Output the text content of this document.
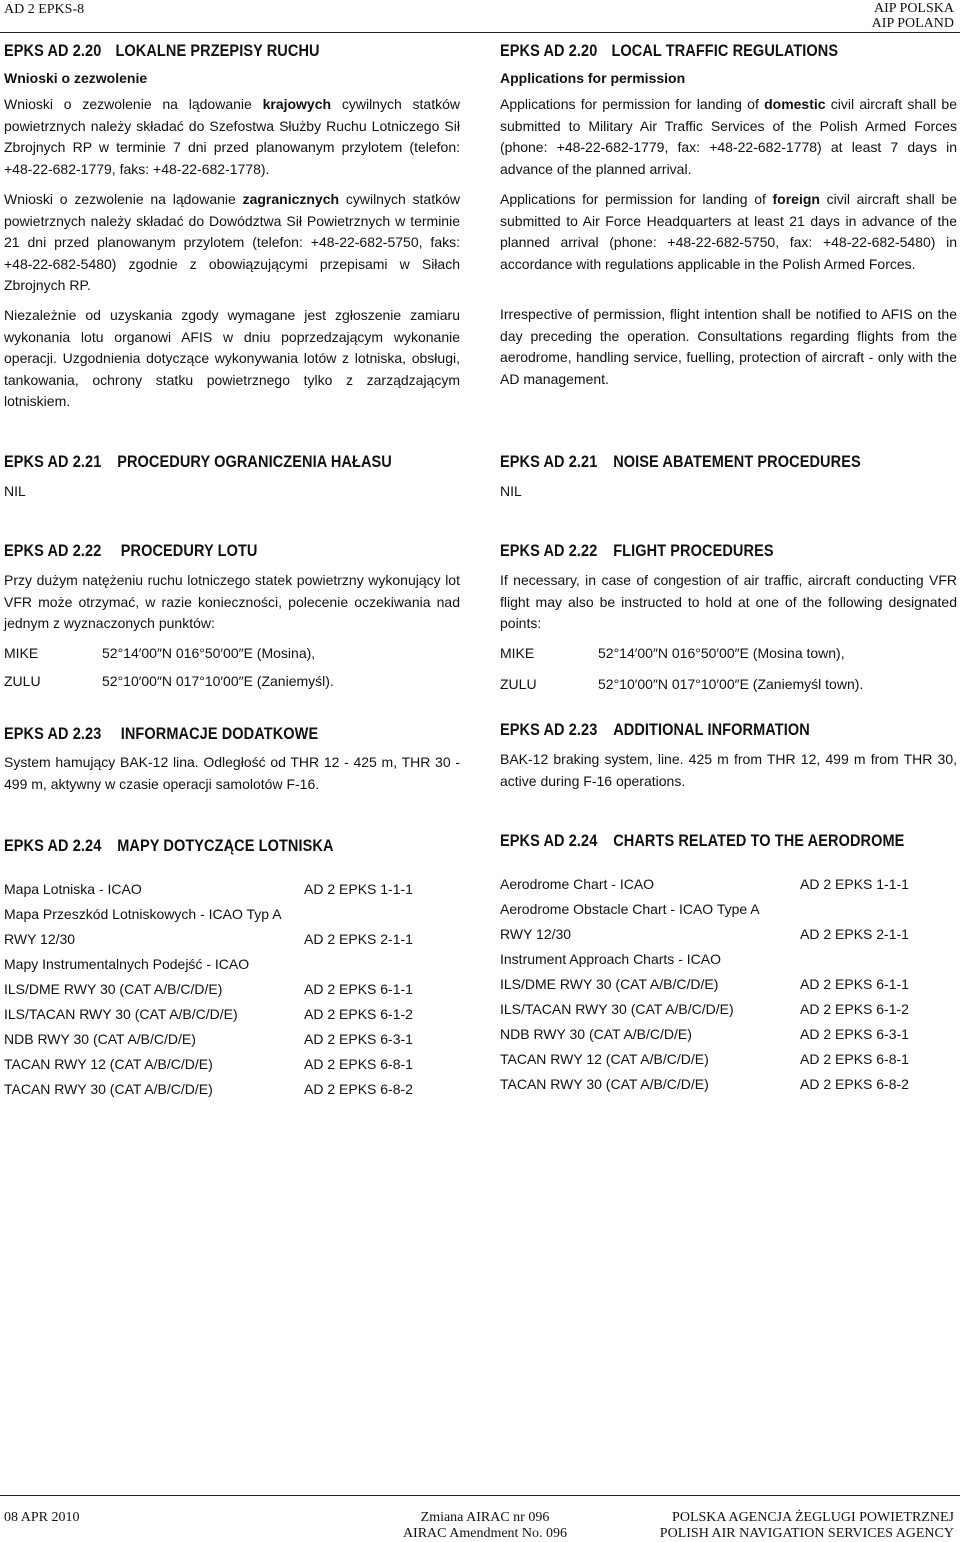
AD 2 EPKS-8	AIP POLSKA
AIP POLAND
EPKS AD 2.20 LOKALNE PRZEPISY RUCHU
Wnioski o zezwolenie
Wnioski o zezwolenie na lądowanie krajowych cywilnych statków powietrznych należy składać do Szefostwa Służby Ruchu Lotniczego Sił Zbrojnych RP w terminie 7 dni przed planowanym przylotem (telefon: +48-22-682-1779, faks: +48-22-682-1778).
Wnioski o zezwolenie na lądowanie zagranicznych cywilnych statków powietrznych należy składać do Dowództwa Sił Powietrznych w terminie 21 dni przed planowanym przylotem (telefon: +48-22-682-5750, faks: +48-22-682-5480) zgodnie z obowiązującymi przepisami w Siłach Zbrojnych RP.
Niezależnie od uzyskania zgody wymagane jest zgłoszenie zamiaru wykonania lotu organowi AFIS w dniu poprzedzającym wykonanie operacji. Uzgodnienia dotyczące wykonywania lotów z lotniska, obsługi, tankowania, ochrony statku powietrznego tylko z zarządzającym lotniskiem.
EPKS AD 2.21 PROCEDURY OGRANICZENIA HAŁASU
NIL
EPKS AD 2.22 PROCEDURY LOTU
Przy dużym natężeniu ruchu lotniczego statek powietrzny wykonujący lot VFR może otrzymać, w razie konieczności, polecenie oczekiwania nad jednym z wyznaczonych punktów:
MIKE	52°14′00″N 016°50′00″E (Mosina),
ZULU	52°10′00″N 017°10′00″E (Zaniemyśl).
EPKS AD 2.23 INFORMACJE DODATKOWE
System hamujący BAK-12 lina. Odległość od THR 12 - 425 m, THR 30 - 499 m, aktywny w czasie operacji samolotów F-16.
EPKS AD 2.24 MAPY DOTYCZĄCE LOTNISKA
Mapa Lotniska - ICAO	AD 2 EPKS 1-1-1
Mapa Przeszkód Lotniskowych - ICAO Typ A
RWY 12/30	AD 2 EPKS 2-1-1
Mapy Instrumentalnych Podejść - ICAO
ILS/DME RWY 30 (CAT A/B/C/D/E)	AD 2 EPKS 6-1-1
ILS/TACAN RWY 30 (CAT A/B/C/D/E)	AD 2 EPKS 6-1-2
NDB RWY 30 (CAT A/B/C/D/E)	AD 2 EPKS 6-3-1
TACAN RWY 12 (CAT A/B/C/D/E)	AD 2 EPKS 6-8-1
TACAN RWY 30 (CAT A/B/C/D/E)	AD 2 EPKS 6-8-2
EPKS AD 2.20 LOCAL TRAFFIC REGULATIONS
Applications for permission
Applications for permission for landing of domestic civil aircraft shall be submitted to Military Air Traffic Services of the Polish Armed Forces (phone: +48-22-682-1779, fax: +48-22-682-1778) at least 7 days in advance of the planned arrival.
Applications for permission for landing of foreign civil aircraft shall be submitted to Air Force Headquarters at least 21 days in advance of the planned arrival (phone: +48-22-682-5750, fax: +48-22-682-5480) in accordance with regulations applicable in the Polish Armed Forces.
Irrespective of permission, flight intention shall be notified to AFIS on the day preceding the operation. Consultations regarding flights from the aerodrome, handling service, fuelling, protection of aircraft - only with the AD management.
EPKS AD 2.21 NOISE ABATEMENT PROCEDURES
NIL
EPKS AD 2.22 FLIGHT PROCEDURES
If necessary, in case of congestion of air traffic, aircraft conducting VFR flight may also be instructed to hold at one of the following designated points:
MIKE	52°14′00″N 016°50′00″E (Mosina town),
ZULU	52°10′00″N 017°10′00″E (Zaniemyśl town).
EPKS AD 2.23 ADDITIONAL INFORMATION
BAK-12 braking system, line. 425 m from THR 12, 499 m from THR 30, active during F-16 operations.
EPKS AD 2.24 CHARTS RELATED TO THE AERODROME
Aerodrome Chart - ICAO	AD 2 EPKS 1-1-1
Aerodrome Obstacle Chart - ICAO Type A
RWY 12/30	AD 2 EPKS 2-1-1
Instrument Approach Charts - ICAO
ILS/DME RWY 30 (CAT A/B/C/D/E)	AD 2 EPKS 6-1-1
ILS/TACAN RWY 30 (CAT A/B/C/D/E)	AD 2 EPKS 6-1-2
NDB RWY 30 (CAT A/B/C/D/E)	AD 2 EPKS 6-3-1
TACAN RWY 12 (CAT A/B/C/D/E)	AD 2 EPKS 6-8-1
TACAN RWY 30 (CAT A/B/C/D/E)	AD 2 EPKS 6-8-2
08 APR 2010	Zmiana AIRAC nr 096
AIRAC Amendment No. 096
POLSKA AGENCJA ŻEGLUGI POWIETRZNEJ
POLISH AIR NAVIGATION SERVICES AGENCY
